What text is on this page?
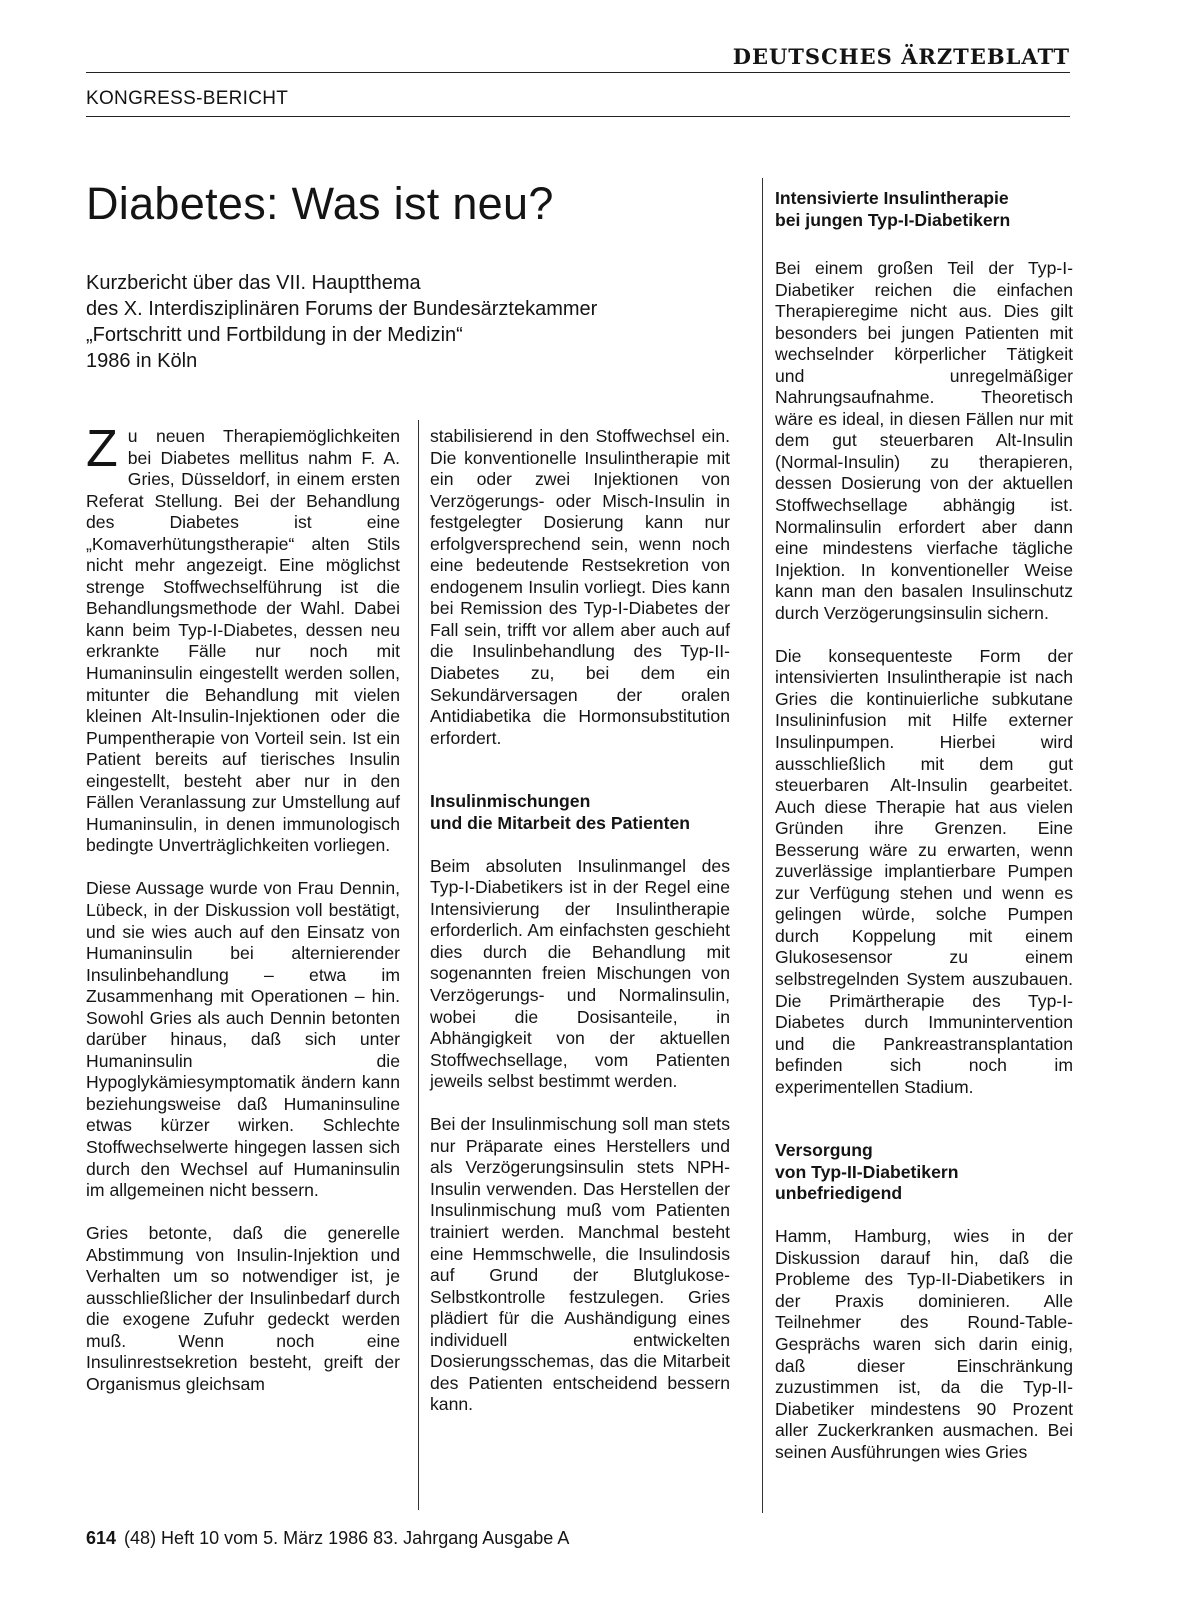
DEUTSCHES ÄRZTEBLATT
KONGRESS-BERICHT
Diabetes: Was ist neu?
Kurzbericht über das VII. Hauptthema
des X. Interdisziplinären Forums der Bundesärztekammer
„Fortschritt und Fortbildung in der Medizin“
1986 in Köln

Zu neuen Therapiemöglichkeiten bei Diabetes mellitus nahm F. A. Gries, Düsseldorf, in einem ersten Referat Stellung. Bei der Behandlung des Diabetes ist eine „Komaverhütungstherapie“ alten Stils nicht mehr angezeigt. Eine möglichst strenge Stoffwechselführung ist die Behandlungsmethode der Wahl. Dabei kann beim Typ-I-Diabetes, dessen neu erkrankte Fälle nur noch mit Humaninsulin eingestellt werden sollen, mitunter die Behandlung mit vielen kleinen Alt-Insulin-Injektionen oder die Pumpentherapie von Vorteil sein. Ist ein Patient bereits auf tierisches Insulin eingestellt, besteht aber nur in den Fällen Veranlassung zur Umstellung auf Humaninsulin, in denen immunologisch bedingte Unverträglichkeiten vorliegen.

Diese Aussage wurde von Frau Dennin, Lübeck, in der Diskussion voll bestätigt, und sie wies auch auf den Einsatz von Humaninsulin bei alternierender Insulinbehandlung – etwa im Zusammenhang mit Operationen – hin. Sowohl Gries als auch Dennin betonten darüber hinaus, daß sich unter Humaninsulin die Hypoglykämiesymptomatik ändern kann beziehungsweise daß Humaninsuline etwas kürzer wirken. Schlechte Stoffwechselwerte hingegen lassen sich durch den Wechsel auf Humaninsulin im allgemeinen nicht bessern.

Gries betonte, daß die generelle Abstimmung von Insulin-Injektion und Verhalten um so notwendiger ist, je ausschließlicher der Insulinbedarf durch die exogene Zufuhr gedeckt werden muß. Wenn noch eine Insulinrestsekretion besteht, greift der Organismus gleichsam

stabilisierend in den Stoffwechsel ein. Die konventionelle Insulintherapie mit ein oder zwei Injektionen von Verzögerungs- oder Misch-Insulin in festgelegter Dosierung kann nur erfolgversprechend sein, wenn noch eine bedeutende Restsekretion von endogenem Insulin vorliegt. Dies kann bei Remission des Typ-I-Diabetes der Fall sein, trifft vor allem aber auch auf die Insulinbehandlung des Typ-II-Diabetes zu, bei dem ein Sekundärversagen der oralen Antidiabetika die Hormonsubstitution erfordert.

Insulinmischungen
und die Mitarbeit des Patienten

Beim absoluten Insulinmangel des Typ-I-Diabetikers ist in der Regel eine Intensivierung der Insulintherapie erforderlich. Am einfachsten geschieht dies durch die Behandlung mit sogenannten freien Mischungen von Verzögerungs- und Normalinsulin, wobei die Dosisanteile, in Abhängigkeit von der aktuellen Stoffwechsellage, vom Patienten jeweils selbst bestimmt werden.

Bei der Insulinmischung soll man stets nur Präparate eines Herstellers und als Verzögerungsinsulin stets NPH-Insulin verwenden. Das Herstellen der Insulinmischung muß vom Patienten trainiert werden. Manchmal besteht eine Hemmschwelle, die Insulindosis auf Grund der Blutglukose-Selbstkontrolle festzulegen. Gries plädiert für die Aushändigung eines individuell entwickelten Dosierungsschemas, das die Mitarbeit des Patienten entscheidend bessern kann.

Intensivierte Insulintherapie
bei jungen Typ-I-Diabetikern

Bei einem großen Teil der Typ-I-Diabetiker reichen die einfachen Therapieregime nicht aus. Dies gilt besonders bei jungen Patienten mit wechselnder körperlicher Tätigkeit und unregelmäßiger Nahrungsaufnahme. Theoretisch wäre es ideal, in diesen Fällen nur mit dem gut steuerbaren Alt-Insulin (Normal-Insulin) zu therapieren, dessen Dosierung von der aktuellen Stoffwechsellage abhängig ist. Normalinsulin erfordert aber dann eine mindestens vierfache tägliche Injektion. In konventioneller Weise kann man den basalen Insulinschutz durch Verzögerungsinsulin sichern.

Die konsequenteste Form der intensivierten Insulintherapie ist nach Gries die kontinuierliche subkutane Insulininfusion mit Hilfe externer Insulinpumpen. Hierbei wird ausschließlich mit dem gut steuerbaren Alt-Insulin gearbeitet. Auch diese Therapie hat aus vielen Gründen ihre Grenzen. Eine Besserung wäre zu erwarten, wenn zuverlässige implantierbare Pumpen zur Verfügung stehen und wenn es gelingen würde, solche Pumpen durch Koppelung mit einem Glukosesensor zu einem selbstregelnden System auszubauen. Die Primärtherapie des Typ-I-Diabetes durch Immunintervention und die Pankreastransplantation befinden sich noch im experimentellen Stadium.

Versorgung
von Typ-II-Diabetikern
unbefriedigend

Hamm, Hamburg, wies in der Diskussion darauf hin, daß die Probleme des Typ-II-Diabetikers in der Praxis dominieren. Alle Teilnehmer des Round-Table-Gesprächs waren sich darin einig, daß dieser Einschränkung zuzustimmen ist, da die Typ-II-Diabetiker mindestens 90 Prozent aller Zuckerkranken ausmachen. Bei seinen Ausführungen wies Gries

614 (48) Heft 10 vom 5. März 1986 83. Jahrgang Ausgabe A
